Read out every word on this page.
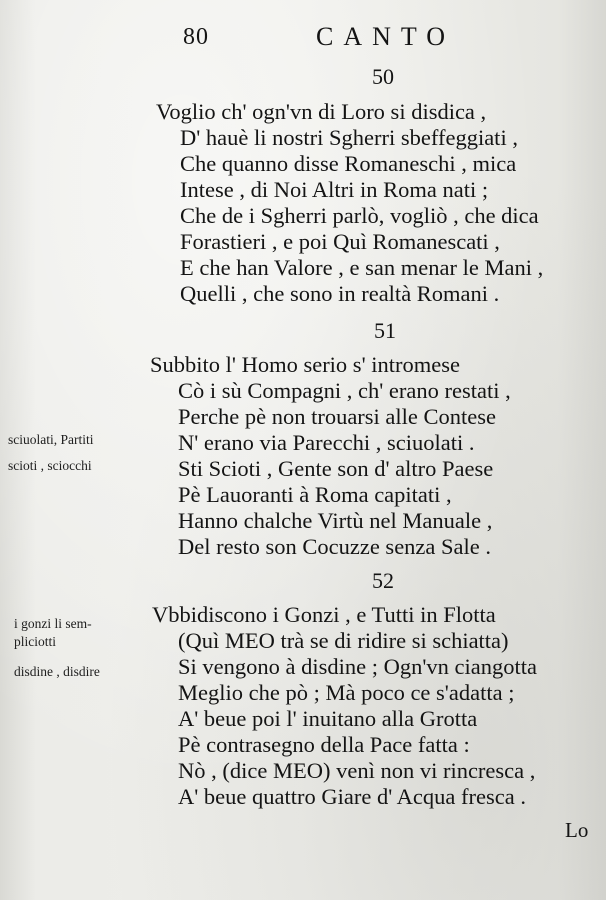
80	CANTO
50
Voglio ch' ogn'vn di Loro si disdica ,
D' hauè li nostri Sgherri sbeffeggiati ,
Che quanno disse Romaneschi , mica
Intese , di Noi Altri in Roma nati ;
Che de i Sgherri parlò, vogliò , che dica
Forastieri , e poi Quì Romanescati ,
E che han Valore , e san menar le Mani ,
Quelli , che sono in realtà Romani .
51
Subbito l' Homo serio s' intromese
Cò i sù Compagni , ch' erano restati ,
Perche pè non trouarsi alle Contese
N' erano via Parecchi , sciuolati .
Sti Scioti , Gente son d' altro Paese
Pè Lauoranti à Roma capitati ,
Hanno chalche Virtù nel Manuale ,
Del resto son Cocuzze senza Sale .
52
Vbbidiscono i Gonzi , e Tutti in Flotta
(Quì MEO trà se di ridire si schiatta)
Si vengono à disdine ; Ogn'vn ciangotta
Meglio che pò ; Mà poco ce s'adatta ;
A' beue poi l' inuitano alla Grotta
Pè contrasegno della Pace fatta :
Nò , (dice MEO) venì non vi rincresca ,
A' beue quattro Giare d' Acqua fresca .
sciuolati, Partiti
scioti , sciocchi
i gonzi li sem-
pliciotti
disdine , disdire
Lo
